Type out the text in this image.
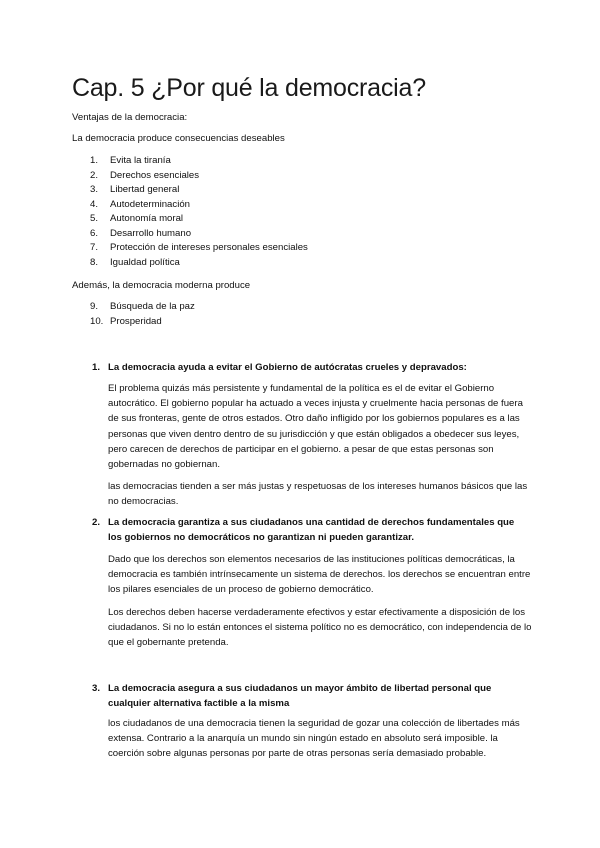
Cap. 5 ¿Por qué la democracia?
Ventajas de la democracia:
La democracia produce consecuencias deseables
1. Evita la tiranía
2. Derechos esenciales
3. Libertad general
4. Autodeterminación
5. Autonomía moral
6. Desarrollo humano
7. Protección de intereses personales esenciales
8. Igualdad política
Además, la democracia moderna produce
9. Búsqueda de la paz
10. Prosperidad
1. La democracia ayuda a evitar el Gobierno de autócratas crueles y depravados:
El problema quizás más persistente y fundamental de la política es el de evitar el Gobierno autocrático. El gobierno popular ha actuado a veces injusta y cruelmente hacia personas de fuera de sus fronteras, gente de otros estados. Otro daño infligido por los gobiernos populares es a las personas que viven dentro dentro de su jurisdicción y que están obligados a obedecer sus leyes, pero carecen de derechos de participar en el gobierno. a pesar de que estas personas son gobernadas no gobiernan.
las democracias tienden a ser más justas y respetuosas de los intereses humanos básicos que las no democracias.
2. La democracia garantiza a sus ciudadanos una cantidad de derechos fundamentales que los gobiernos no democráticos no garantizan ni pueden garantizar.
Dado que los derechos son elementos necesarios de las instituciones políticas democráticas, la democracia es también intrínsecamente un sistema de derechos. los derechos se encuentran entre los pilares esenciales de un proceso de gobierno democrático.
Los derechos deben hacerse verdaderamente efectivos y estar efectivamente a disposición de los ciudadanos. Si no lo están entonces el sistema político no es democrático, con independencia de lo que el gobernante pretenda.
3. La democracia asegura a sus ciudadanos un mayor ámbito de libertad personal que cualquier alternativa factible a la misma
los ciudadanos de una democracia tienen la seguridad de gozar una colección de libertades más extensa. Contrario a la anarquía un mundo sin ningún estado en absoluto será imposible. la coerción sobre algunas personas por parte de otras personas sería demasiado probable.
